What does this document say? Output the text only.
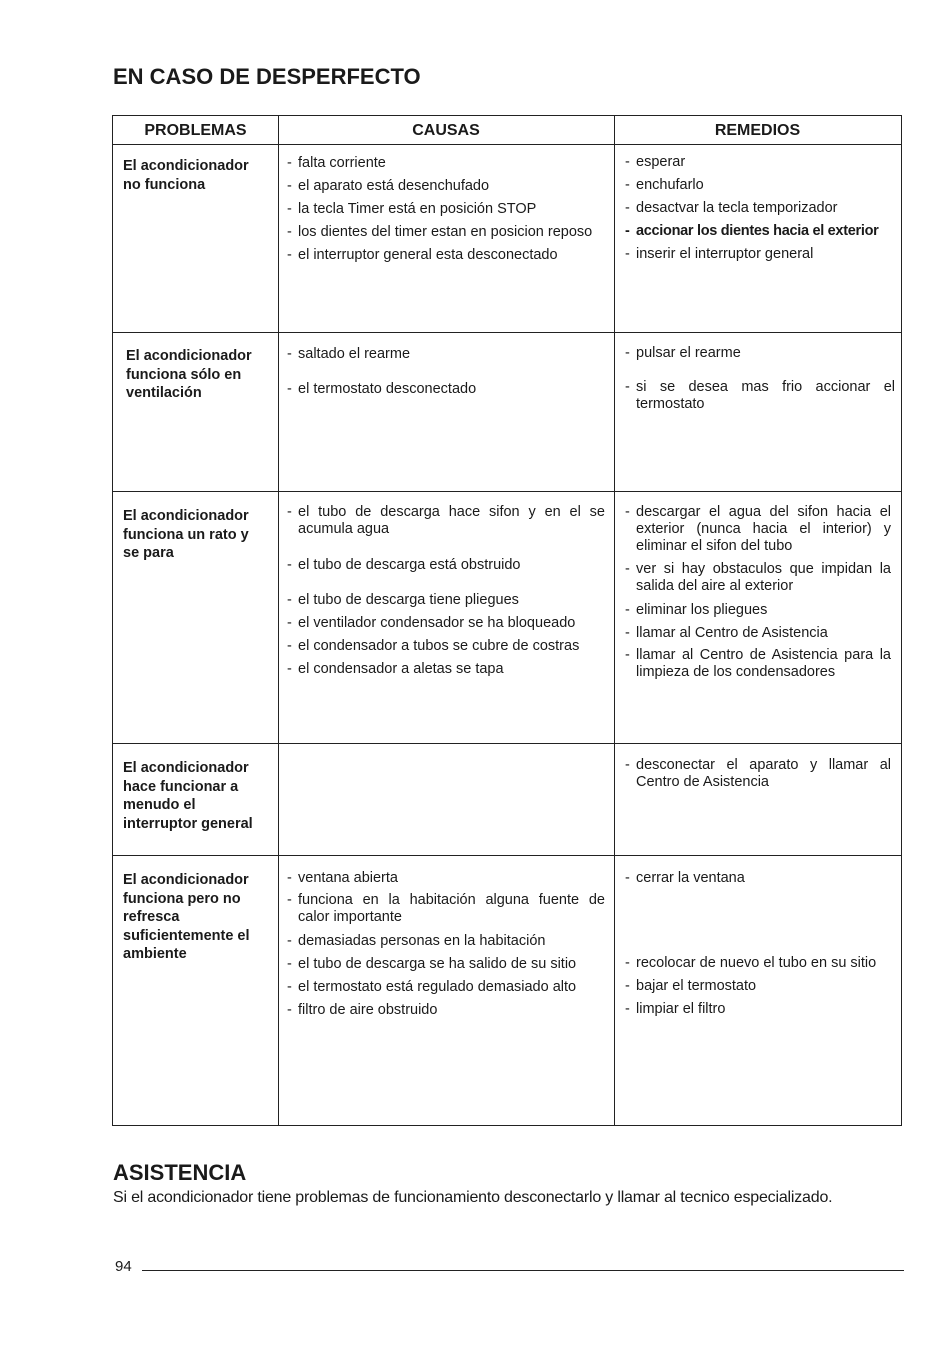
EN CASO DE DESPERFECTO
PROBLEMAS	CAUSAS	REMEDIOS
El acondicionador
no funciona
- falta corriente
- el aparato está desenchufado
- la tecla Timer está en posición STOP
- los dientes del timer estan en posicion reposo
- el interruptor general esta desconectado
- esperar
- enchufarlo
- desactvar la tecla temporizador
- accionar los dientes hacia el exterior
- inserir el interruptor general
El acondicionador
funciona sólo en
ventilación
- saltado el rearme
- el termostato desconectado
- pulsar el rearme
- si se desea mas frio accionar el termostato
El acondicionador
funciona un rato y
se para
- el tubo de descarga hace sifon y en el se acumula agua
- el tubo de descarga está obstruido
- el tubo de descarga tiene pliegues
- el ventilador condensador se ha bloqueado
- el condensador a tubos se cubre de costras
- el condensador a aletas se tapa
- descargar el agua del sifon hacia el exterior (nunca hacia el interior) y eliminar el sifon del tubo
- ver si hay obstaculos que impidan la salida del aire al exterior
- eliminar los pliegues
- llamar al Centro de Asistencia
- llamar al Centro de Asistencia para la limpieza de los condensadores
El acondicionador
hace funcionar a
menudo el
interruptor general
- desconectar el aparato y llamar al Centro de Asistencia
El acondicionador
funciona pero no
refresca
suficientemente el
ambiente
- ventana abierta
- funciona en la habitación alguna fuente de calor importante
- demasiadas personas en la habitación
- el tubo de descarga se ha salido de su sitio
- el termostato está regulado demasiado alto
- filtro de aire obstruido
- cerrar la ventana
- recolocar de nuevo el tubo en su sitio
- bajar el termostato
- limpiar el filtro
ASISTENCIA
Si el acondicionador tiene problemas de funcionamiento desconectarlo y llamar al tecnico especializado.
94
